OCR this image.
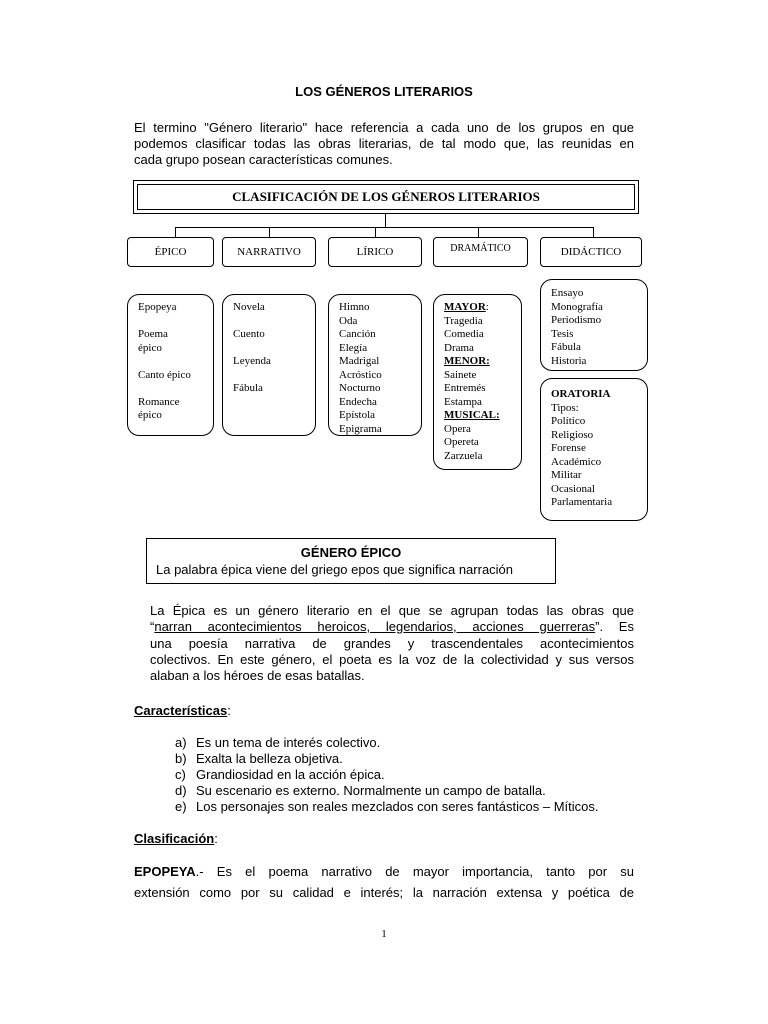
LOS GÉNEROS LITERARIOS
El termino "Género literario" hace referencia a cada uno de los grupos en que
podemos clasificar todas las obras literarias, de tal modo que, las reunidas en
cada grupo posean características comunes.
CLASIFICACIÓN DE LOS GÉNEROS LITERARIOS
ÉPICO	NARRATIVO	LÍRICO	DRAMÁTICO	DIDÁCTICO
Epopeya
Poema
épico
Canto épico
Romance
épico
Novela
Cuento
Leyenda
Fábula
Himno
Oda
Canción
Elegía
Madrigal
Acróstico
Nocturno
Endecha
Epístola
Epigrama
MAYOR:
Tragedia
Comedia
Drama
MENOR:
Sainete
Entremés
Estampa
MUSICAL:
Opera
Opereta
Zarzuela
Ensayo
Monografía
Periodismo
Tesis
Fábula
Historia
ORATORIA
Tipos:
Político
Religioso
Forense
Académico
Militar
Ocasional
Parlamentaria
GÉNERO ÉPICO
La palabra épica viene del griego epos que significa narración
La Épica es un género literario en el que se agrupan todas las obras que
“narran acontecimientos heroicos, legendarios, acciones guerreras”. Es
una poesía narrativa de grandes y trascendentales acontecimientos
colectivos. En este género, el poeta es la voz de la colectividad y sus versos
alaban a los héroes de esas batallas.
Características:
a) Es un tema de interés colectivo.
b) Exalta la belleza objetiva.
c) Grandiosidad en la acción épica.
d) Su escenario es externo. Normalmente un campo de batalla.
e) Los personajes son reales mezclados con seres fantásticos – Míticos.
Clasificación:
EPOPEYA.- Es el poema narrativo de mayor importancia, tanto por su
extensión como por su calidad e interés; la narración extensa y poética de
1
